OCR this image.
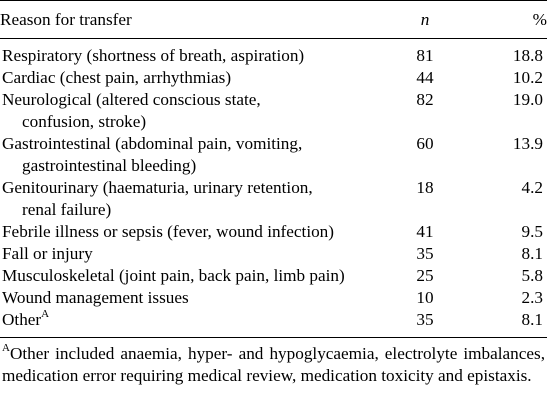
Reason for transfer	n	%
Respiratory (shortness of breath, aspiration)	81	18.8
Cardiac (chest pain, arrhythmias)	44	10.2
Neurological (altered conscious state,
confusion, stroke)	82	19.0
Gastrointestinal (abdominal pain, vomiting,
gastrointestinal bleeding)	60	13.9
Genitourinary (haematuria, urinary retention,
renal failure)	18	4.2
Febrile illness or sepsis (fever, wound infection)	41	9.5
Fall or injury	35	8.1
Musculoskeletal (joint pain, back pain, limb pain)	25	5.8
Wound management issues	10	2.3
Other$^A$	35	8.1
$^A$Other included anaemia, hyper- and hypoglycaemia, electrolyte imbalances, medication error requiring medical review, medication toxicity and epistaxis.
